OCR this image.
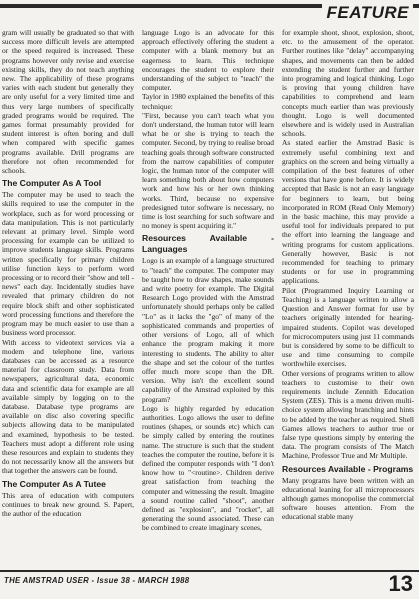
FEATURE

gram will usually be graduated so that with success more difficult levels are attempted or the speed required is increased. These programs however only revise and exercise existing skills, they do not teach anything new. The applicability of these programs varies with each student but generally they are only useful for a very limited time and thus very large numbers of specifically graded programs would be required. The games format presumably provided for student interest is often boring and dull when compared with specific games programs available. Drill programs are therefore not often recommended for schools.

The Computer As A Tool

The computer may be used to teach the skills required to use the computer in the workplace, such as for word processing or data manipulation. This is not particularly relevant at primary level. Simple word processing for example can be utilized to improve students language skills. Programs written specifically for primary children utilise function keys to perform word processing or to record their "show and tell - news" each day. Incidentally studies have revealed that primary children do not require block shift and other sophisticated word processing functions and therefore the program may be much easier to use than a business word processor.

With access to videotext services via a modem and telephone line, various databases can be accessed as a resource material for classroom study. Data from newspapers, agricultural data, economic data and scientific data for example are all available simply by logging on to the database. Database type programs are available on disc also covering specific subjects allowing data to be manipulated and examined, hypothesis to be tested. Teachers must adopt a different role using these resources and explain to students they do not necessarily know all the answers but that together the answers can be found.

The Computer As A Tutee

This area of education with computers continues to break new ground. S. Papert, the author of the education

language Logo is an advocate for this approach effectively offering the student a computer with a blank memory but an eagerness to learn. This technique encourages the student to explore their understanding of the subject to "teach" the computer.

Taylor in 1980 explained the benefits of this technique:

"First, because you can't teach what you don't understand, the human tutor will learn what he or she is trying to teach the computer. Second, by trying to realise broad teaching goals through software constructed from the narrow capabilities of computer logic, the human tutor of the computer will learn something both about how computers work and how his or her own thinking works. Third, because no expensive predesigned tutor software is necessary, no time is lost searching for such software and no money is spent acquiring it."

Resources Available - Languages

Logo is an example of a language structured to "teach" the computer. The computer may be taught how to draw shapes, make sounds and write poetry for example. The Digital Research Logo provided with the Amstrad unfortunately should perhaps only be called "Lo" as it lacks the "go" of many of the sophisticated commands and properties of other versions of Logo, all of which enhance the program making it more interesting to students. The ability to alter the shape and set the colour of the turtles offer much more scope than the DR. version. Why isn't the excellent sound capability of the Amstrad exploited by this program?

Logo is highly regarded by education authorities. Logo allows the user to define routines (shapes, or sounds etc) which can be simply called by entering the routines name. The structure is such that the student teaches the computer the routine, before it is defined the computer responds with "I don't know how to "<routine>. Children derive great satisfaction from teaching the computer and witnessing the result. Imagine a sound routine called "shoot", another defined as "explosion", and "rocket", all generating the sound associated. These can be combined to create imaginary scenes,

for example shoot, shoot, explosion, shoot, etc. to the amusement of the operator. Further routines like "delay" accompanying shapes, and movements can then be added extending the student further and further into programing and logical thinking. Logo is proving that young children have capabilities to comprehend and learn concepts much earlier than was previously thought. Logo is well documented elsewhere and is widely used in Australian schools.

As stated earlier the Amstrad Basic is extremely useful combining text and graphics on the screen and being virtually a compilation of the best features of other versions that have gone before. It is widely accepted that Basic is not an easy language for beginners to learn, but being incorporated in ROM (Read Only Memory) in the basic machine, this may provide a useful tool for individuals prepared to put the effort into learning the language and writing programs for custom applications. Generally however, Basic is not recommended for teaching to primary students or for use in programming applications.

Pilot (Programmed Inquiry Learning or Teaching) is a language written to allow a Question and Answer format for use by teachers originally intended for hearing-impaired students. Copilot was developed for microcomputers using just 11 commands but is considered by some to be difficult to use and time consuming to compile worthwhile exercises.

Other versions of programs written to allow teachers to customise to their own requirements include Zennith Education System (ZES). This is a menu driven multi-choice system allowing branching and hints to be added by the teacher as required. Shell Games allows teachers to author true or false type questions simply by entering the data. The program consists of The Match Machine, Professor True and Mr Multiple.

Resources Available - Programs

Many programs have been written with an educational leaning for all microprocessors although games monopolise the commercial software houses attention. From the educational stable many

THE AMSTRAD USER - Issue 38 - MARCH 1988	13
